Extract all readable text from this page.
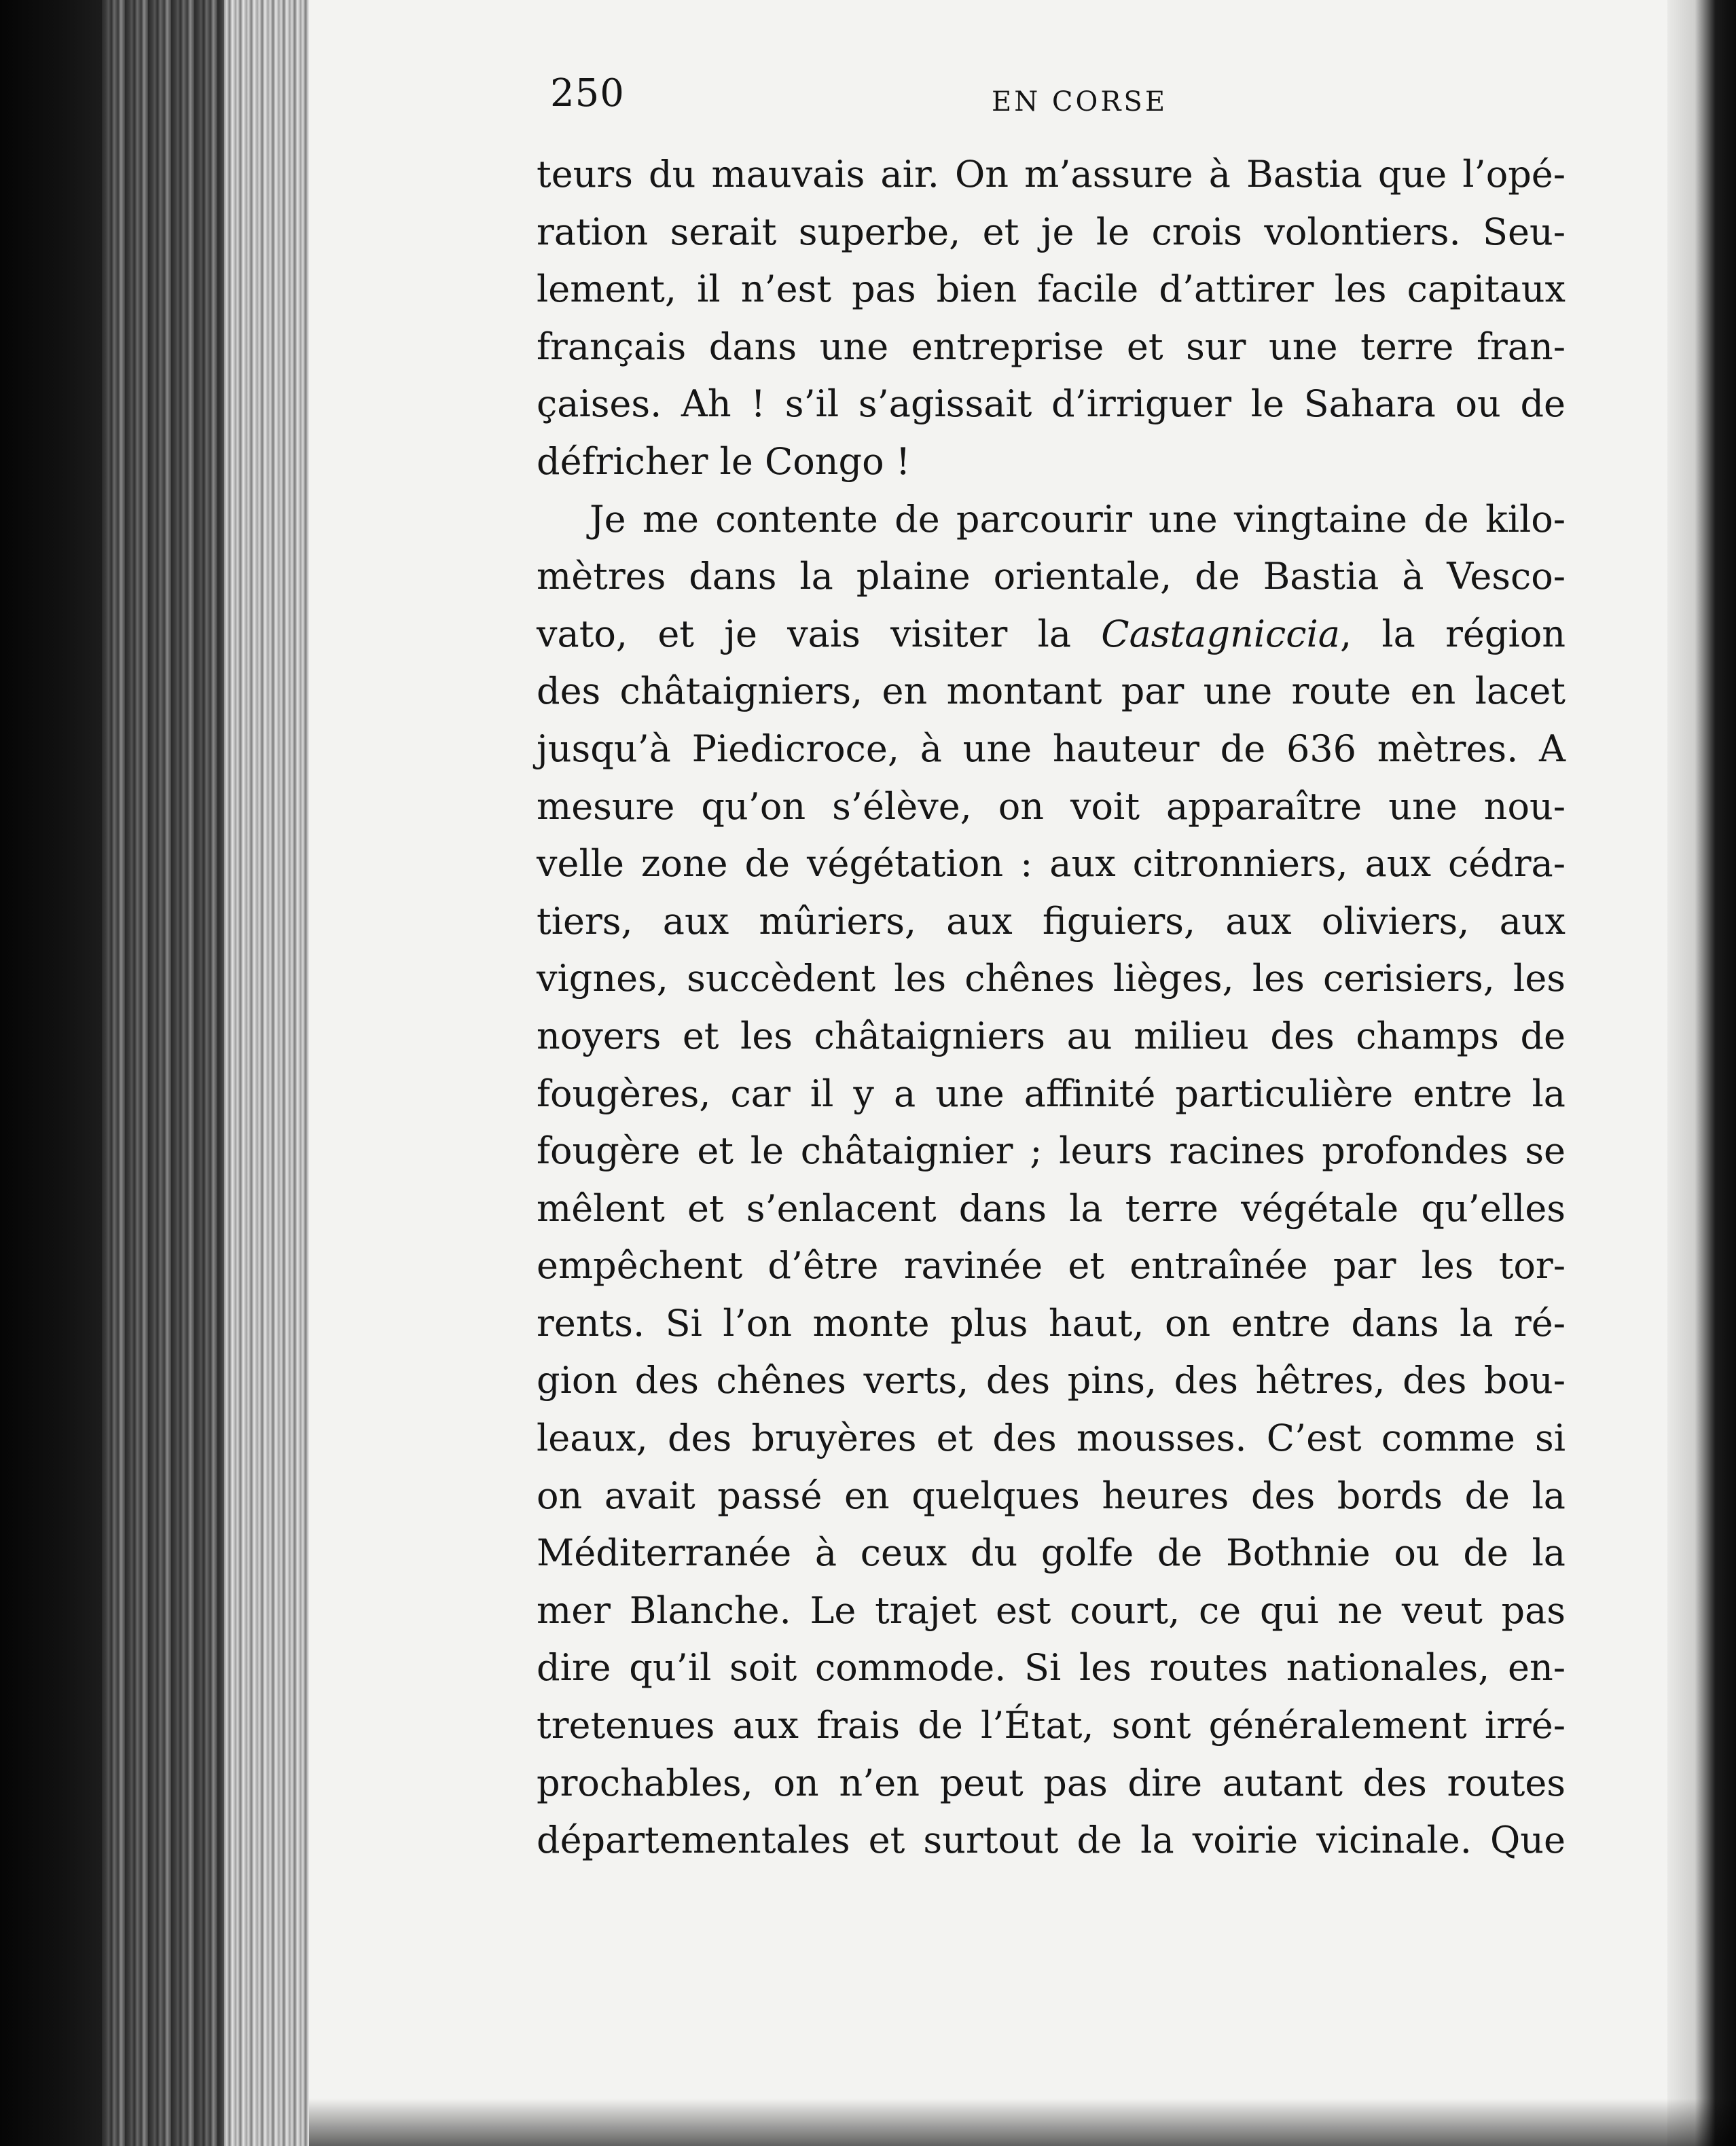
250	EN CORSE
teurs du mauvais air. On m’assure à Bastia que l’opé-
ration serait superbe, et je le crois volontiers. Seu-
lement, il n’est pas bien facile d’attirer les capitaux
français dans une entreprise et sur une terre fran-
çaises. Ah ! s’il s’agissait d’irriguer le Sahara ou de
défricher le Congo !
Je me contente de parcourir une vingtaine de kilo-
mètres dans la plaine orientale, de Bastia à Vesco-
vato, et je vais visiter la Castagniccia, la région
des châtaigniers, en montant par une route en lacet
jusqu’à Piedicroce, à une hauteur de 636 mètres. A
mesure qu’on s’élève, on voit apparaître une nou-
velle zone de végétation : aux citronniers, aux cédra-
tiers, aux mûriers, aux figuiers, aux oliviers, aux
vignes, succèdent les chênes lièges, les cerisiers, les
noyers et les châtaigniers au milieu des champs de
fougères, car il y a une affinité particulière entre la
fougère et le châtaignier ; leurs racines profondes se
mêlent et s’enlacent dans la terre végétale qu’elles
empêchent d’être ravinée et entraînée par les tor-
rents. Si l’on monte plus haut, on entre dans la ré-
gion des chênes verts, des pins, des hêtres, des bou-
leaux, des bruyères et des mousses. C’est comme si
on avait passé en quelques heures des bords de la
Méditerranée à ceux du golfe de Bothnie ou de la
mer Blanche. Le trajet est court, ce qui ne veut pas
dire qu’il soit commode. Si les routes nationales, en-
tretenues aux frais de l’État, sont généralement irré-
prochables, on n’en peut pas dire autant des routes
départementales et surtout de la voirie vicinale. Que
